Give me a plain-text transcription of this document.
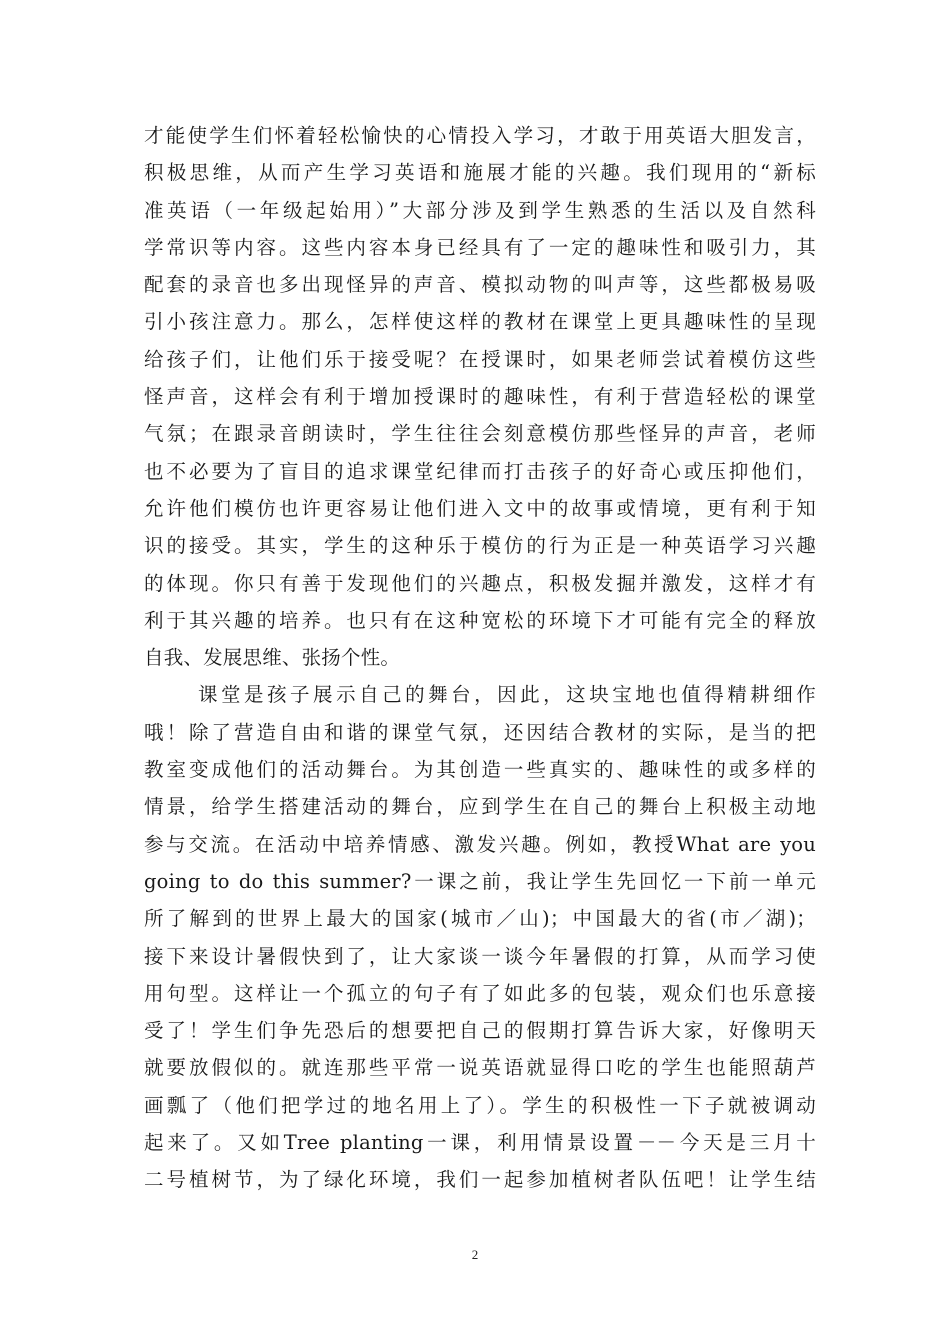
才能使学生们怀着轻松愉快的心情投入学习，才敢于用英语大胆发言，
积极思维，从而产生学习英语和施展才能的兴趣。我们现用的“新标
准英语（一年级起始用）”大部分涉及到学生熟悉的生活以及自然科
学常识等内容。这些内容本身已经具有了一定的趣味性和吸引力，其
配套的录音也多出现怪异的声音、模拟动物的叫声等，这些都极易吸
引小孩注意力。那么，怎样使这样的教材在课堂上更具趣味性的呈现
给孩子们，让他们乐于接受呢？在授课时，如果老师尝试着模仿这些
怪声音，这样会有利于增加授课时的趣味性，有利于营造轻松的课堂
气氛；在跟录音朗读时，学生往往会刻意模仿那些怪异的声音，老师
也不必要为了盲目的追求课堂纪律而打击孩子的好奇心或压抑他们，
允许他们模仿也许更容易让他们进入文中的故事或情境，更有利于知
识的接受。其实，学生的这种乐于模仿的行为正是一种英语学习兴趣
的体现。你只有善于发现他们的兴趣点，积极发掘并激发，这样才有
利于其兴趣的培养。也只有在这种宽松的环境下才可能有完全的释放
自我、发展思维、张扬个性。
课堂是孩子展示自己的舞台，因此，这块宝地也值得精耕细作
哦！除了营造自由和谐的课堂气氛，还因结合教材的实际，是当的把
教室变成他们的活动舞台。为其创造一些真实的、趣味性的或多样的
情景，给学生搭建活动的舞台，应到学生在自己的舞台上积极主动地
参与交流。在活动中培养情感、激发兴趣。例如，教授What are you
going to do this summer?一课之前，我让学生先回忆一下前一单元
所了解到的世界上最大的国家(城市／山)；中国最大的省(市／湖)；
接下来设计暑假快到了，让大家谈一谈今年暑假的打算，从而学习使
用句型。这样让一个孤立的句子有了如此多的包装，观众们也乐意接
受了！学生们争先恐后的想要把自己的假期打算告诉大家，好像明天
就要放假似的。就连那些平常一说英语就显得口吃的学生也能照葫芦
画瓢了（他们把学过的地名用上了）。学生的积极性一下子就被调动
起来了。又如Tree planting一课，利用情景设置－－今天是三月十
二号植树节，为了绿化环境，我们一起参加植树者队伍吧！让学生结
2
